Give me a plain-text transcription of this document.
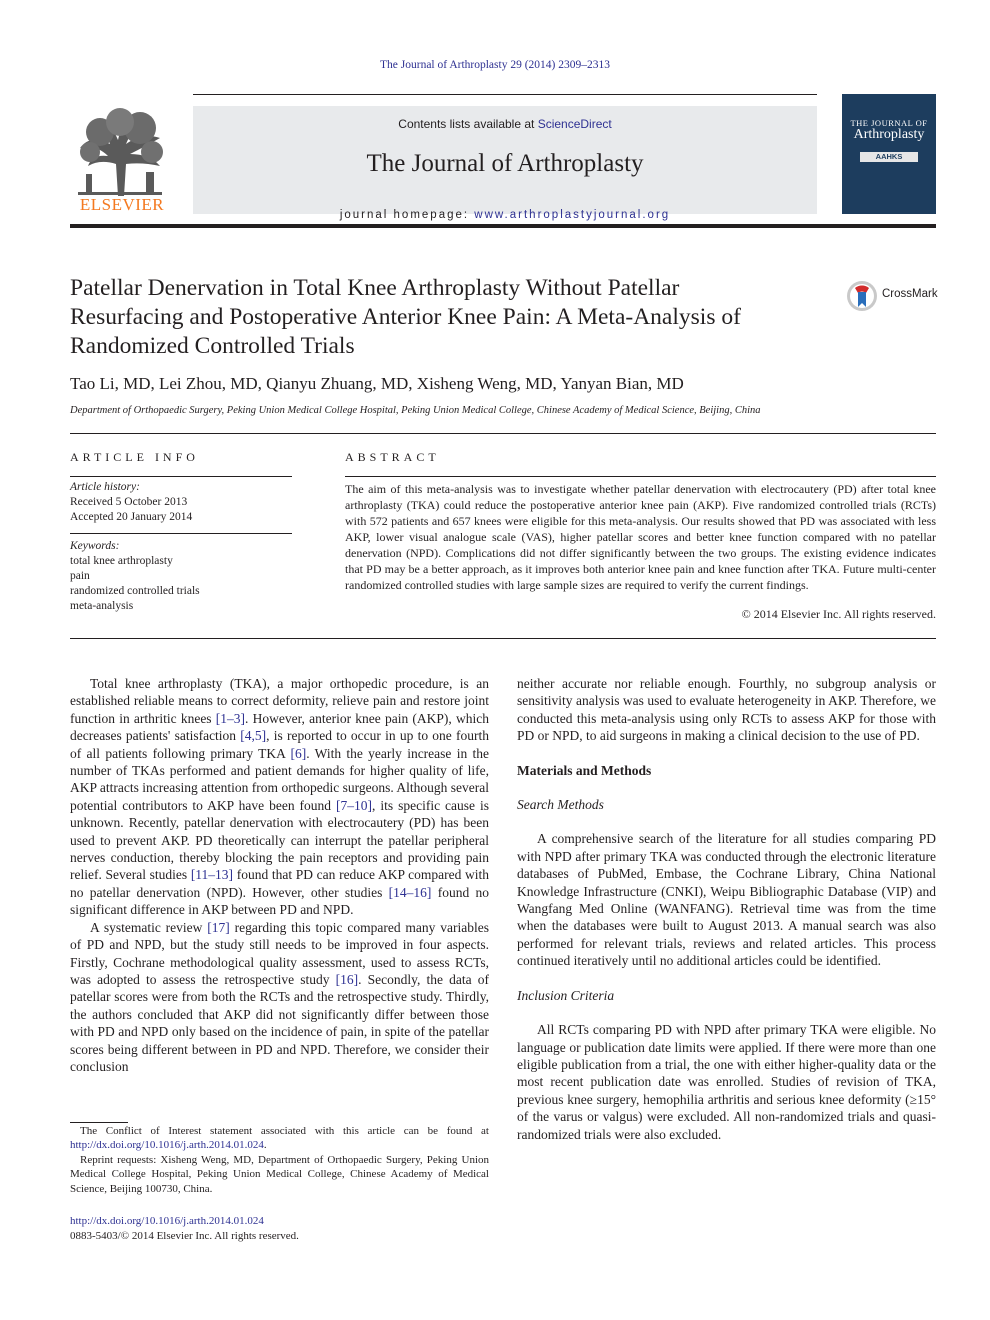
The Journal of Arthroplasty 29 (2014) 2309–2313
ELSEVIER
Contents lists available at ScienceDirect
The Journal of Arthroplasty
journal homepage: www.arthroplastyjournal.org
THE JOURNAL OF
Arthroplasty
AAHKS
Patellar Denervation in Total Knee Arthroplasty Without Patellar Resurfacing and Postoperative Anterior Knee Pain: A Meta-Analysis of Randomized Controlled Trials
CrossMark
Tao Li, MD, Lei Zhou, MD, Qianyu Zhuang, MD, Xisheng Weng, MD, Yanyan Bian, MD
Department of Orthopaedic Surgery, Peking Union Medical College Hospital, Peking Union Medical College, Chinese Academy of Medical Science, Beijing, China
ARTICLE INFO
Article history:
Received 5 October 2013
Accepted 20 January 2014
Keywords:
total knee arthroplasty
pain
randomized controlled trials
meta-analysis
ABSTRACT

The aim of this meta-analysis was to investigate whether patellar denervation with electrocautery (PD) after total knee arthroplasty (TKA) could reduce the postoperative anterior knee pain (AKP). Five randomized controlled trials (RCTs) with 572 patients and 657 knees were eligible for this meta-analysis. Our results showed that PD was associated with less AKP, lower visual analogue scale (VAS), higher patellar scores and better knee function compared with no patellar denervation (NPD). Complications did not differ significantly between the two groups. The existing evidence indicates that PD may be a better approach, as it improves both anterior knee pain and knee function after TKA. Future multi-center randomized controlled studies with large sample sizes are required to verify the current findings.

© 2014 Elsevier Inc. All rights reserved.

Total knee arthroplasty (TKA), a major orthopedic procedure, is an established reliable means to correct deformity, relieve pain and restore joint function in arthritic knees [1–3]. However, anterior knee pain (AKP), which decreases patients' satisfaction [4,5], is reported to occur in up to one fourth of all patients following primary TKA [6]. With the yearly increase in the number of TKAs performed and patient demands for higher quality of life, AKP attracts increasing attention from orthopedic surgeons. Although several potential contributors to AKP have been found [7–10], its specific cause is unknown. Recently, patellar denervation with electrocautery (PD) has been used to prevent AKP. PD theoretically can interrupt the patellar peripheral nerves conduction, thereby blocking the pain receptors and providing pain relief. Several studies [11–13] found that PD can reduce AKP compared with no patellar denervation (NPD). However, other studies [14–16] found no significant difference in AKP between PD and NPD.

A systematic review [17] regarding this topic compared many variables of PD and NPD, but the study still needs to be improved in four aspects. Firstly, Cochrane methodological quality assessment, used to assess RCTs, was adopted to assess the retrospective study [16]. Secondly, the data of patellar scores were from both the RCTs and the retrospective study. Thirdly, the authors concluded that AKP did not significantly differ between those with PD and NPD only based on the incidence of pain, in spite of the patellar scores being different between in PD and NPD. Therefore, we consider their conclusion

neither accurate nor reliable enough. Fourthly, no subgroup analysis or sensitivity analysis was used to evaluate heterogeneity in AKP. Therefore, we conducted this meta-analysis using only RCTs to assess AKP for those with PD or NPD, to aid surgeons in making a clinical decision to the use of PD.

Materials and Methods
Search Methods

A comprehensive search of the literature for all studies comparing PD with NPD after primary TKA was conducted through the electronic literature databases of PubMed, Embase, the Cochrane Library, China National Knowledge Infrastructure (CNKI), Weipu Bibliographic Database (VIP) and Wangfang Med Online (WANFANG). Retrieval time was from the time when the databases were built to August 2013. A manual search was also performed for relevant trials, reviews and related articles. This process continued iteratively until no additional articles could be identified.

Inclusion Criteria

All RCTs comparing PD with NPD after primary TKA were eligible. No language or publication date limits were applied. If there were more than one eligible publication from a trial, the one with either higher-quality data or the most recent publication date was enrolled. Studies of revision of TKA, previous knee surgery, hemophilia arthritis and serious knee deformity (≥15° of the varus or valgus) were excluded. All non-randomized trials and quasi-randomized trials were also excluded.

The Conflict of Interest statement associated with this article can be found at http://dx.doi.org/10.1016/j.arth.2014.01.024.

Reprint requests: Xisheng Weng, MD, Department of Orthopaedic Surgery, Peking Union Medical College Hospital, Peking Union Medical College, Chinese Academy of Medical Science, Beijing 100730, China.

http://dx.doi.org/10.1016/j.arth.2014.01.024
0883-5403/© 2014 Elsevier Inc. All rights reserved.
